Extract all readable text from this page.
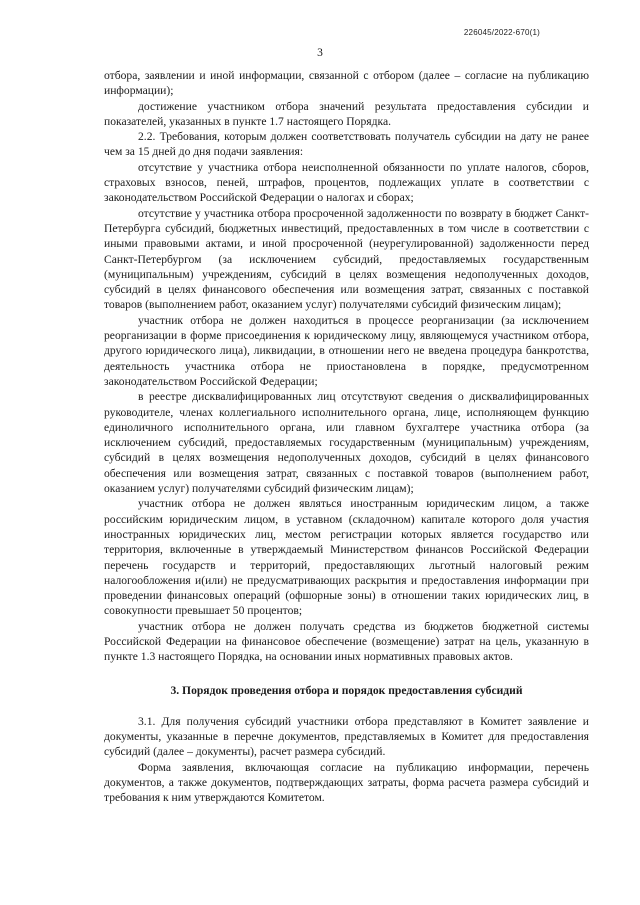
226045/2022-670(1)
3

отбора, заявлении и иной информации, связанной с отбором (далее – согласие на публикацию информации);

достижение участником отбора значений результата предоставления субсидии и показателей, указанных в пункте 1.7 настоящего Порядка.

2.2. Требования, которым должен соответствовать получатель субсидии на дату не ранее чем за 15 дней до дня подачи заявления:

отсутствие у участника отбора неисполненной обязанности по уплате налогов, сборов, страховых взносов, пеней, штрафов, процентов, подлежащих уплате в соответствии с законодательством Российской Федерации о налогах и сборах;

отсутствие у участника отбора просроченной задолженности по возврату в бюджет Санкт-Петербурга субсидий, бюджетных инвестиций, предоставленных в том числе в соответствии с иными правовыми актами, и иной просроченной (неурегулированной) задолженности перед Санкт-Петербургом (за исключением субсидий, предоставляемых государственным (муниципальным) учреждениям, субсидий в целях возмещения недополученных доходов, субсидий в целях финансового обеспечения или возмещения затрат, связанных с поставкой товаров (выполнением работ, оказанием услуг) получателями субсидий физическим лицам);

участник отбора не должен находиться в процессе реорганизации (за исключением реорганизации в форме присоединения к юридическому лицу, являющемуся участником отбора, другого юридического лица), ликвидации, в отношении него не введена процедура банкротства, деятельность участника отбора не приостановлена в порядке, предусмотренном законодательством Российской Федерации;

в реестре дисквалифицированных лиц отсутствуют сведения о дисквалифицированных руководителе, членах коллегиального исполнительного органа, лице, исполняющем функцию единоличного исполнительного органа, или главном бухгалтере участника отбора (за исключением субсидий, предоставляемых государственным (муниципальным) учреждениям, субсидий в целях возмещения недополученных доходов, субсидий в целях финансового обеспечения или возмещения затрат, связанных с поставкой товаров (выполнением работ, оказанием услуг) получателями субсидий физическим лицам);

участник отбора не должен являться иностранным юридическим лицом, а также российским юридическим лицом, в уставном (складочном) капитале которого доля участия иностранных юридических лиц, местом регистрации которых является государство или территория, включенные в утверждаемый Министерством финансов Российской Федерации перечень государств и территорий, предоставляющих льготный налоговый режим налогообложения и(или) не предусматривающих раскрытия и предоставления информации при проведении финансовых операций (офшорные зоны) в отношении таких юридических лиц, в совокупности превышает 50 процентов;

участник отбора не должен получать средства из бюджетов бюджетной системы Российской Федерации на финансовое обеспечение (возмещение) затрат на цель, указанную в пункте 1.3 настоящего Порядка, на основании иных нормативных правовых актов.

3. Порядок проведения отбора и порядок предоставления субсидий

3.1. Для получения субсидий участники отбора представляют в Комитет заявление и документы, указанные в перечне документов, представляемых в Комитет для предоставления субсидий (далее – документы), расчет размера субсидий.

Форма заявления, включающая согласие на публикацию информации, перечень документов, а также документов, подтверждающих затраты, форма расчета размера субсидий и требования к ним утверждаются Комитетом.
